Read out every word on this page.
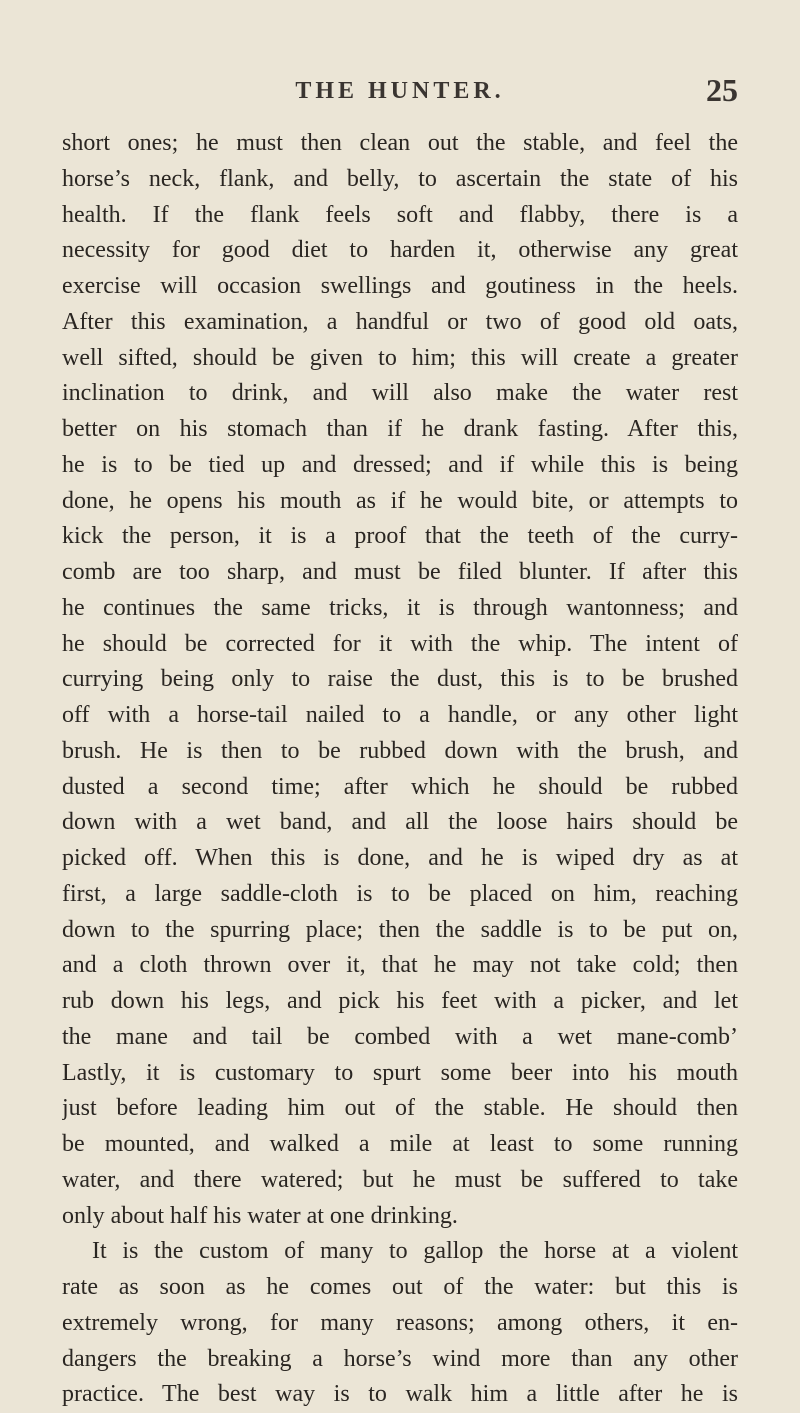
THE HUNTER.	25
short ones; he must then clean out the stable, and feel the
horse’s neck, flank, and belly, to ascertain the state of his
health. If the flank feels soft and flabby, there is a
necessity for good diet to harden it, otherwise any great
exercise will occasion swellings and goutiness in the heels.
After this examination, a handful or two of good old oats,
well sifted, should be given to him; this will create a greater
inclination to drink, and will also make the water rest
better on his stomach than if he drank fasting. After this,
he is to be tied up and dressed; and if while this is being
done, he opens his mouth as if he would bite, or attempts to
kick the person, it is a proof that the teeth of the curry-
comb are too sharp, and must be filed blunter. If after this
he continues the same tricks, it is through wantonness; and
he should be corrected for it with the whip. The intent of
currying being only to raise the dust, this is to be brushed
off with a horse-tail nailed to a handle, or any other light
brush. He is then to be rubbed down with the brush, and
dusted a second time; after which he should be rubbed
down with a wet band, and all the loose hairs should be
picked off. When this is done, and he is wiped dry as at
first, a large saddle-cloth is to be placed on him, reaching
down to the spurring place; then the saddle is to be put on,
and a cloth thrown over it, that he may not take cold; then
rub down his legs, and pick his feet with a picker, and let
the mane and tail be combed with a wet mane-comb’
Lastly, it is customary to spurt some beer into his mouth
just before leading him out of the stable. He should then
be mounted, and walked a mile at least to some running
water, and there watered; but he must be suffered to take
only about half his water at one drinking.
It is the custom of many to gallop the horse at a violent
rate as soon as he comes out of the water: but this is
extremely wrong, for many reasons; among others, it en-
dangers the breaking a horse’s wind more than any other
practice. The best way is to walk him a little after he is
